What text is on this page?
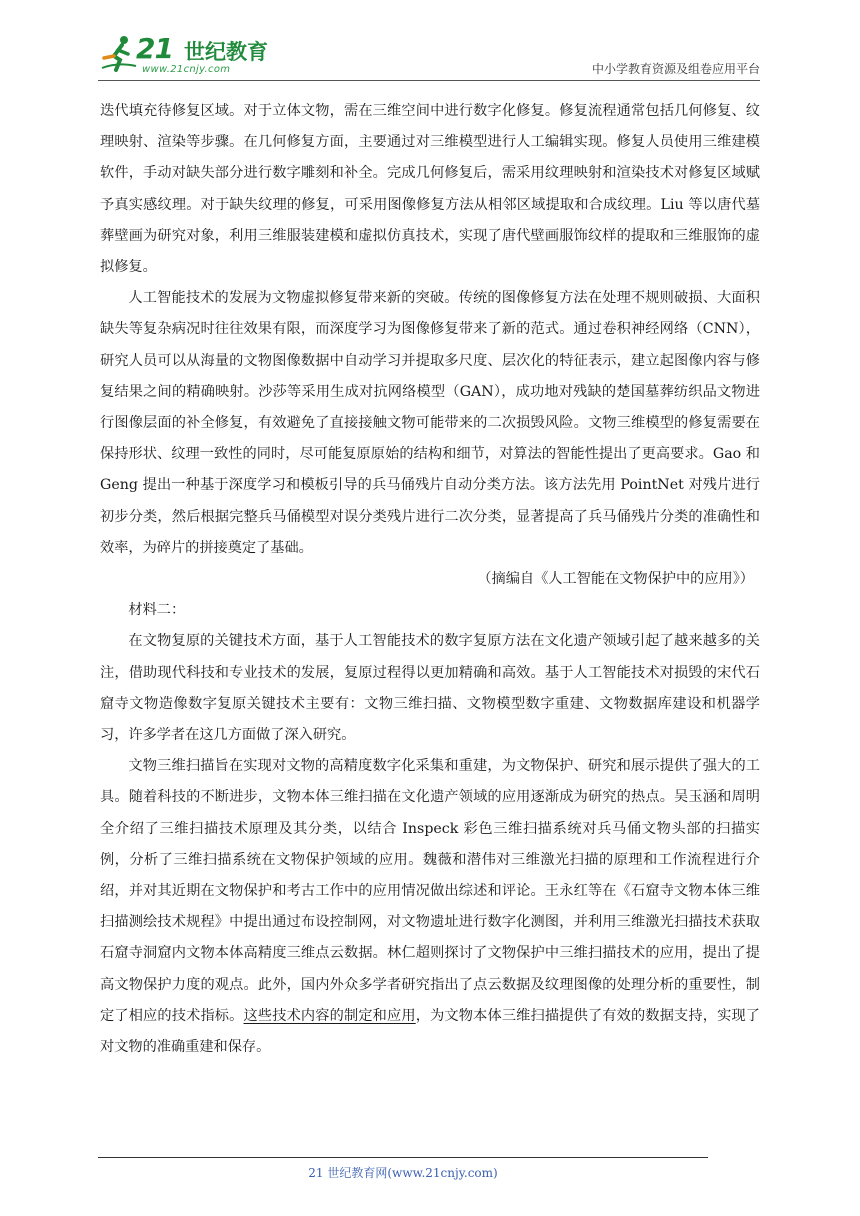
21 世纪教育
www.21cnjy.com	中小学教育资源及组卷应用平台

迭代填充待修复区域。对于立体文物，需在三维空间中进行数字化修复。修复流程通常包括几何修复、纹理映射、渲染等步骤。在几何修复方面，主要通过对三维模型进行人工编辑实现。修复人员使用三维建模软件，手动对缺失部分进行数字雕刻和补全。完成几何修复后，需采用纹理映射和渲染技术对修复区域赋予真实感纹理。对于缺失纹理的修复，可采用图像修复方法从相邻区域提取和合成纹理。Liu 等以唐代墓葬壁画为研究对象，利用三维服装建模和虚拟仿真技术，实现了唐代壁画服饰纹样的提取和三维服饰的虚拟修复。

人工智能技术的发展为文物虚拟修复带来新的突破。传统的图像修复方法在处理不规则破损、大面积缺失等复杂病况时往往效果有限，而深度学习为图像修复带来了新的范式。通过卷积神经网络（CNN），研究人员可以从海量的文物图像数据中自动学习并提取多尺度、层次化的特征表示，建立起图像内容与修复结果之间的精确映射。沙莎等采用生成对抗网络模型（GAN），成功地对残缺的楚国墓葬纺织品文物进行图像层面的补全修复，有效避免了直接接触文物可能带来的二次损毁风险。文物三维模型的修复需要在保持形状、纹理一致性的同时，尽可能复原原始的结构和细节，对算法的智能性提出了更高要求。Gao 和 Geng 提出一种基于深度学习和模板引导的兵马俑残片自动分类方法。该方法先用 PointNet 对残片进行初步分类，然后根据完整兵马俑模型对误分类残片进行二次分类，显著提高了兵马俑残片分类的准确性和效率，为碎片的拼接奠定了基础。

（摘编自《人工智能在文物保护中的应用》）

材料二：

在文物复原的关键技术方面，基于人工智能技术的数字复原方法在文化遗产领域引起了越来越多的关注，借助现代科技和专业技术的发展，复原过程得以更加精确和高效。基于人工智能技术对损毁的宋代石窟寺文物造像数字复原关键技术主要有：文物三维扫描、文物模型数字重建、文物数据库建设和机器学习，许多学者在这几方面做了深入研究。

文物三维扫描旨在实现对文物的高精度数字化采集和重建，为文物保护、研究和展示提供了强大的工具。随着科技的不断进步，文物本体三维扫描在文化遗产领域的应用逐渐成为研究的热点。吴玉涵和周明全介绍了三维扫描技术原理及其分类，以结合 Inspeck 彩色三维扫描系统对兵马俑文物头部的扫描实例，分析了三维扫描系统在文物保护领域的应用。魏薇和潜伟对三维激光扫描的原理和工作流程进行介绍，并对其近期在文物保护和考古工作中的应用情况做出综述和评论。王永红等在《石窟寺文物本体三维扫描测绘技术规程》中提出通过布设控制网，对文物遗址进行数字化测图，并利用三维激光扫描技术获取石窟寺洞窟内文物本体高精度三维点云数据。林仁超则探讨了文物保护中三维扫描技术的应用，提出了提高文物保护力度的观点。此外，国内外众多学者研究指出了点云数据及纹理图像的处理分析的重要性，制定了相应的技术指标。这些技术内容的制定和应用，为文物本体三维扫描提供了有效的数据支持，实现了对文物的准确重建和保存。

21 世纪教育网(www.21cnjy.com)
